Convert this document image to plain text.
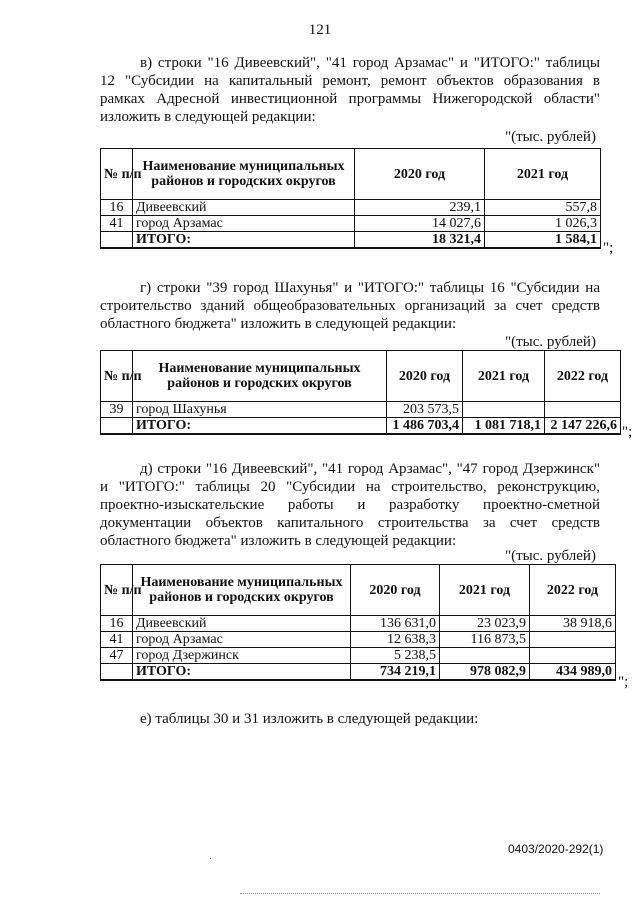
121
в) строки "16 Дивеевский", "41 город Арзамас" и "ИТОГО:" таблицы
12 "Субсидии на капитальный ремонт, ремонт объектов образования в
рамках Адресной инвестиционной программы Нижегородской области"
изложить в следующей редакции:
"(тыс. рублей)
№ п/п	Наименование муниципальных районов и городских округов	2020 год	2021 год
16	Дивеевский	239,1	557,8
41	город Арзамас	14 027,6	1 026,3
	ИТОГО:	18 321,4	1 584,1
";
г) строки "39 город Шахунья" и "ИТОГО:" таблицы 16 "Субсидии на
строительство зданий общеобразовательных организаций за счет средств
областного бюджета" изложить в следующей редакции:
"(тыс. рублей)
№ п/п	Наименование муниципальных районов и городских округов	2020 год	2021 год	2022 год
39	город Шахунья	203 573,5		
	ИТОГО:	1 486 703,4	1 081 718,1	2 147 226,6 ";
д) строки "16 Дивеевский", "41 город Арзамас", "47 город Дзержинск"
и "ИТОГО:" таблицы 20 "Субсидии на строительство, реконструкцию,
проектно-изыскательские работы и разработку проектно-сметной
документации объектов капитального строительства за счет средств
областного бюджета" изложить в следующей редакции:
"(тыс. рублей)
№ п/п	Наименование муниципальных районов и городских округов	2020 год	2021 год	2022 год
16	Дивеевский	136 631,0	23 023,9	38 918,6
41	город Арзамас	12 638,3	116 873,5	
47	город Дзержинск	5 238,5		
	ИТОГО:	734 219,1	978 082,9	434 989,0
";
е) таблицы 30 и 31 изложить в следующей редакции:
0403/2020-292(1)
